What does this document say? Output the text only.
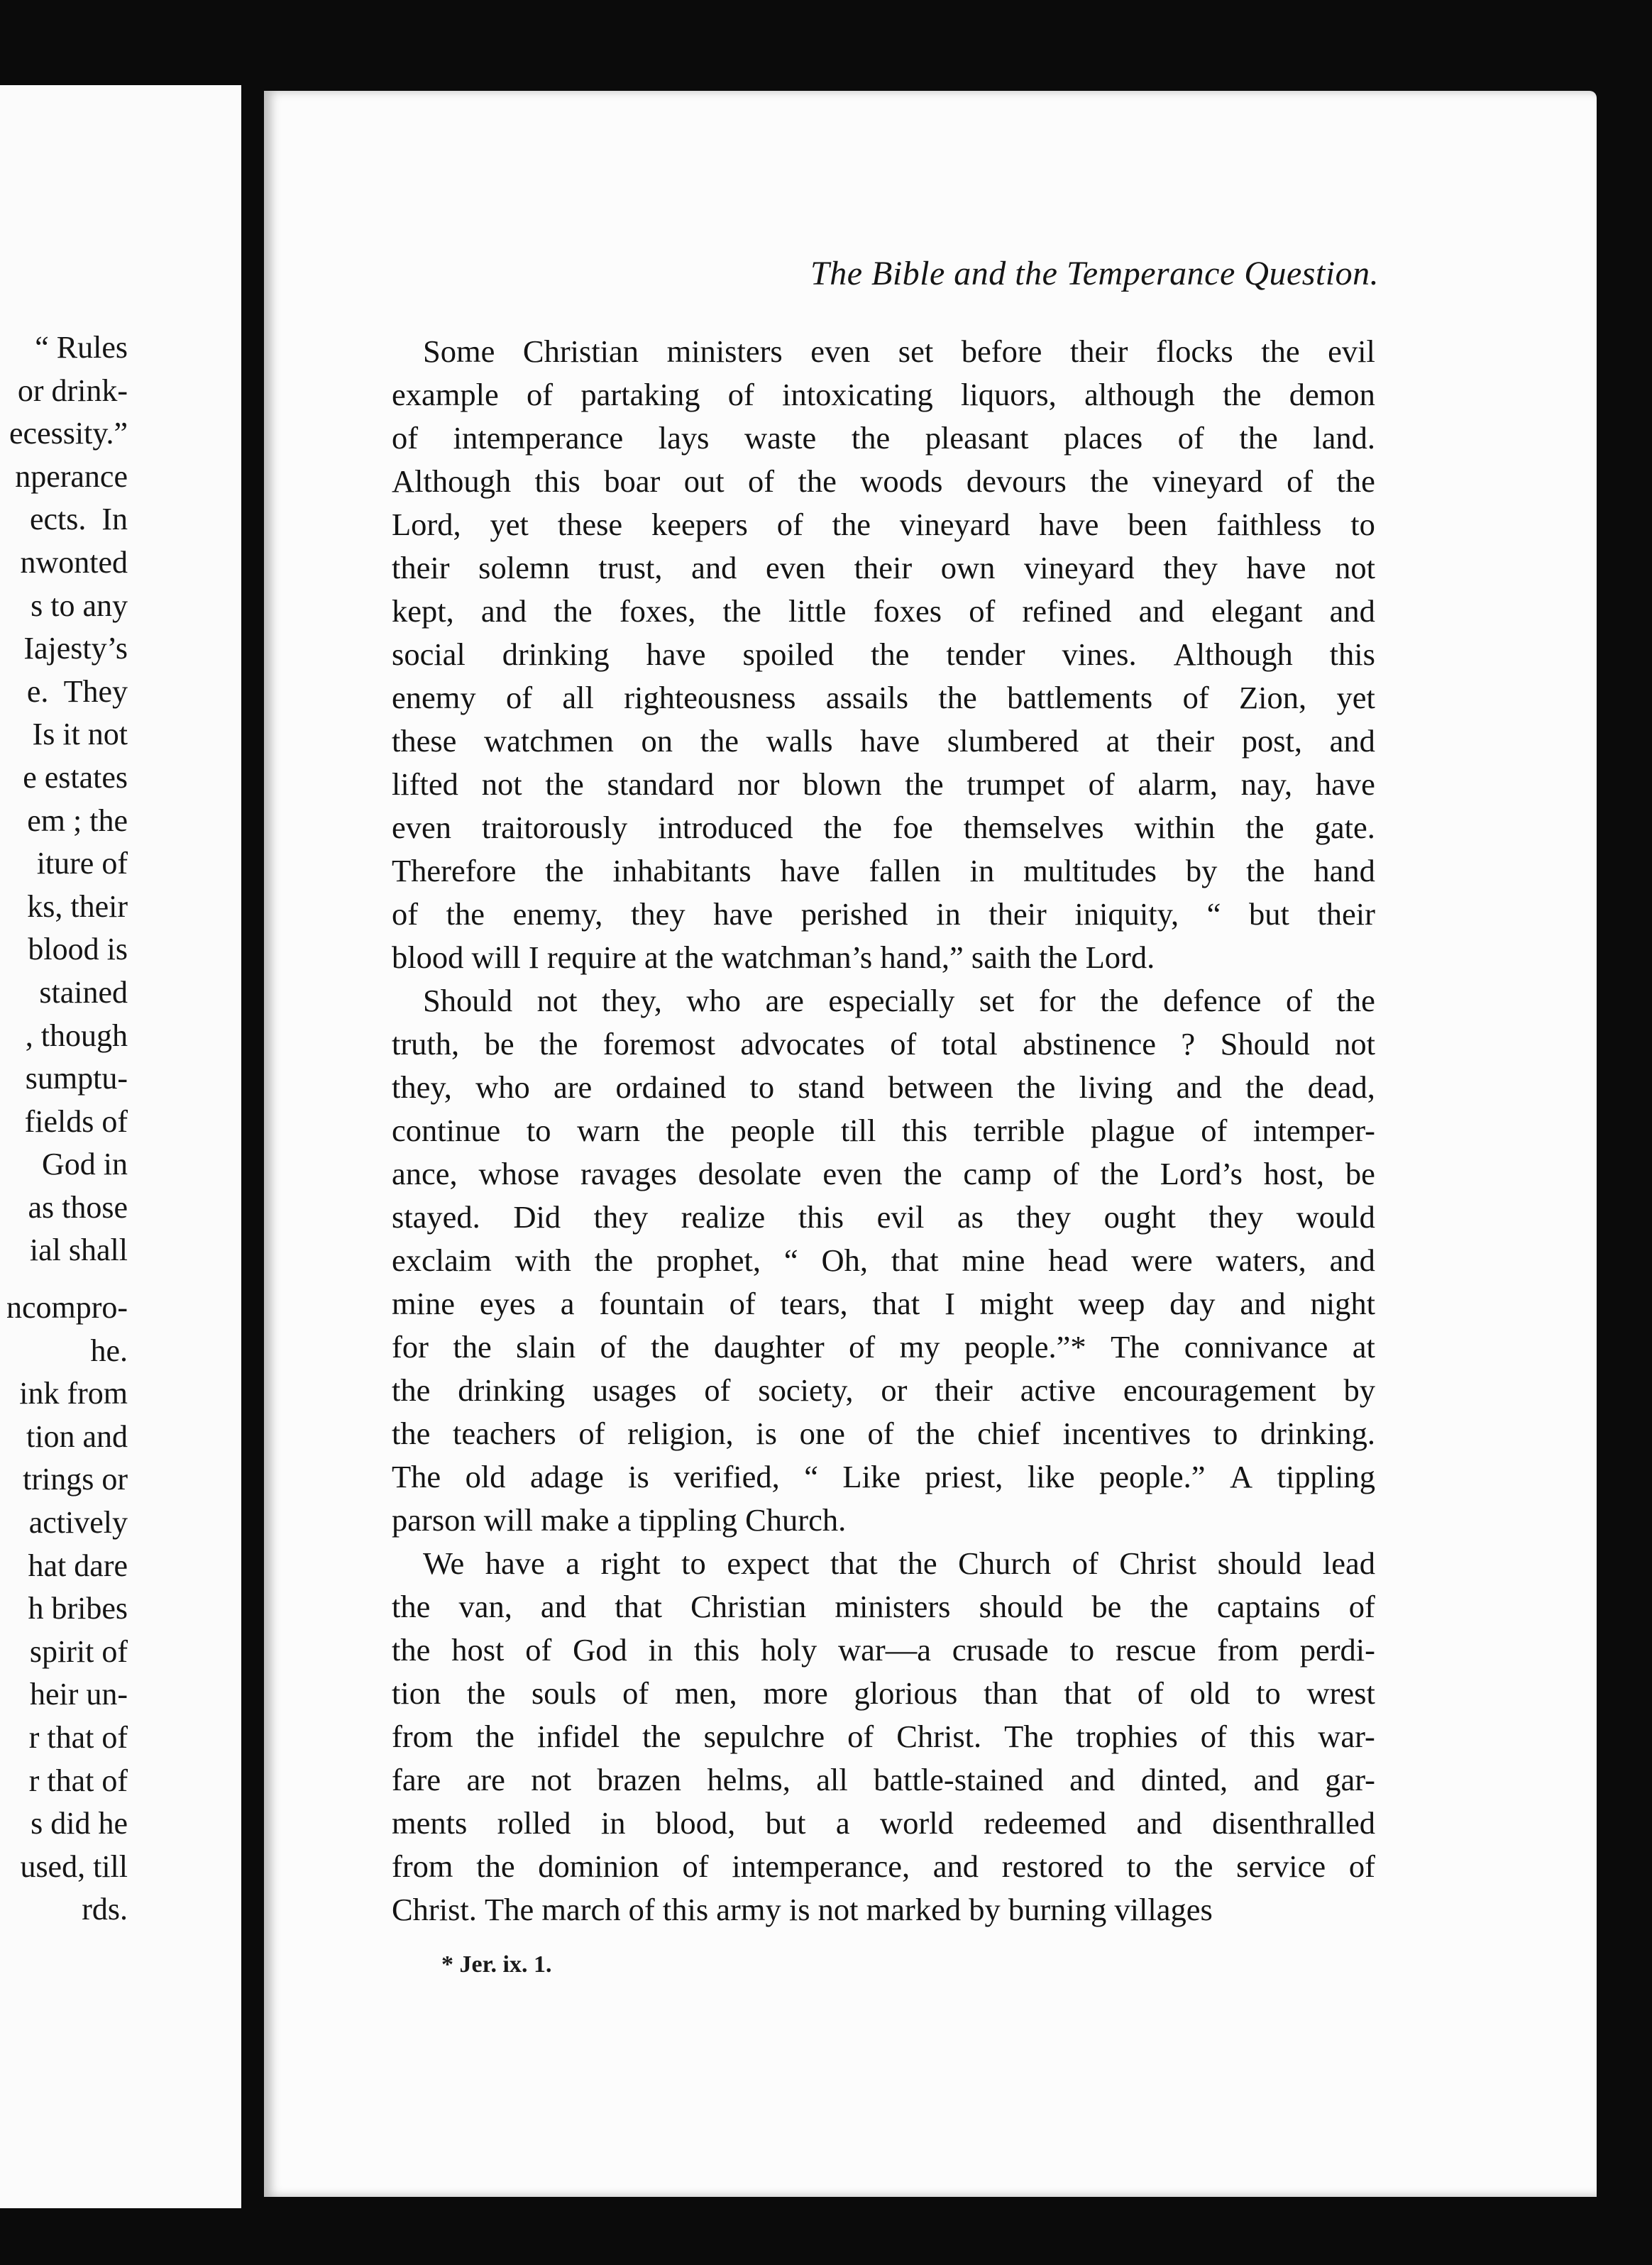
“ Rules
or drink-
ecessity.”
nperance
ects.  In
nwonted
s to any
Iajesty’s
e.  They
Is it not
e estates
em ; the
iture of
ks, their
blood is
stained
, though
sumptu-
fields of
God in
as those
ial shall
ncompro-
he.
ink from
tion and
trings or
actively
hat dare
h bribes
spirit of
heir un-
r that of
r that of
s did he
used, till
rds.
The Bible and the Temperance Question.
Some Christian ministers even set before their flocks the evil
example of partaking of intoxicating liquors, although the demon
of intemperance lays waste the pleasant places of the land.
Although this boar out of the woods devours the vineyard of the
Lord, yet these keepers of the vineyard have been faithless to
their solemn trust, and even their own vineyard they have not
kept, and the foxes, the little foxes of refined and elegant and
social drinking have spoiled the tender vines. Although this
enemy of all righteousness assails the battlements of Zion, yet
these watchmen on the walls have slumbered at their post, and
lifted not the standard nor blown the trumpet of alarm, nay, have
even traitorously introduced the foe themselves within the gate.
Therefore the inhabitants have fallen in multitudes by the hand
of the enemy, they have perished in their iniquity, “ but their
blood will I require at the watchman’s hand,” saith the Lord.
Should not they, who are especially set for the defence of the
truth, be the foremost advocates of total abstinence ? Should not
they, who are ordained to stand between the living and the dead,
continue to warn the people till this terrible plague of intemper-
ance, whose ravages desolate even the camp of the Lord’s host, be
stayed. Did they realize this evil as they ought they would
exclaim with the prophet, “ Oh, that mine head were waters, and
mine eyes a fountain of tears, that I might weep day and night
for the slain of the daughter of my people.”* The connivance at
the drinking usages of society, or their active encouragement by
the teachers of religion, is one of the chief incentives to drinking.
The old adage is verified, “ Like priest, like people.” A tippling
parson will make a tippling Church.
We have a right to expect that the Church of Christ should lead
the van, and that Christian ministers should be the captains of
the host of God in this holy war—a crusade to rescue from perdi-
tion the souls of men, more glorious than that of old to wrest
from the infidel the sepulchre of Christ. The trophies of this war-
fare are not brazen helms, all battle-stained and dinted, and gar-
ments rolled in blood, but a world redeemed and disenthralled
from the dominion of intemperance, and restored to the service of
Christ. The march of this army is not marked by burning villages
* Jer. ix. 1.
